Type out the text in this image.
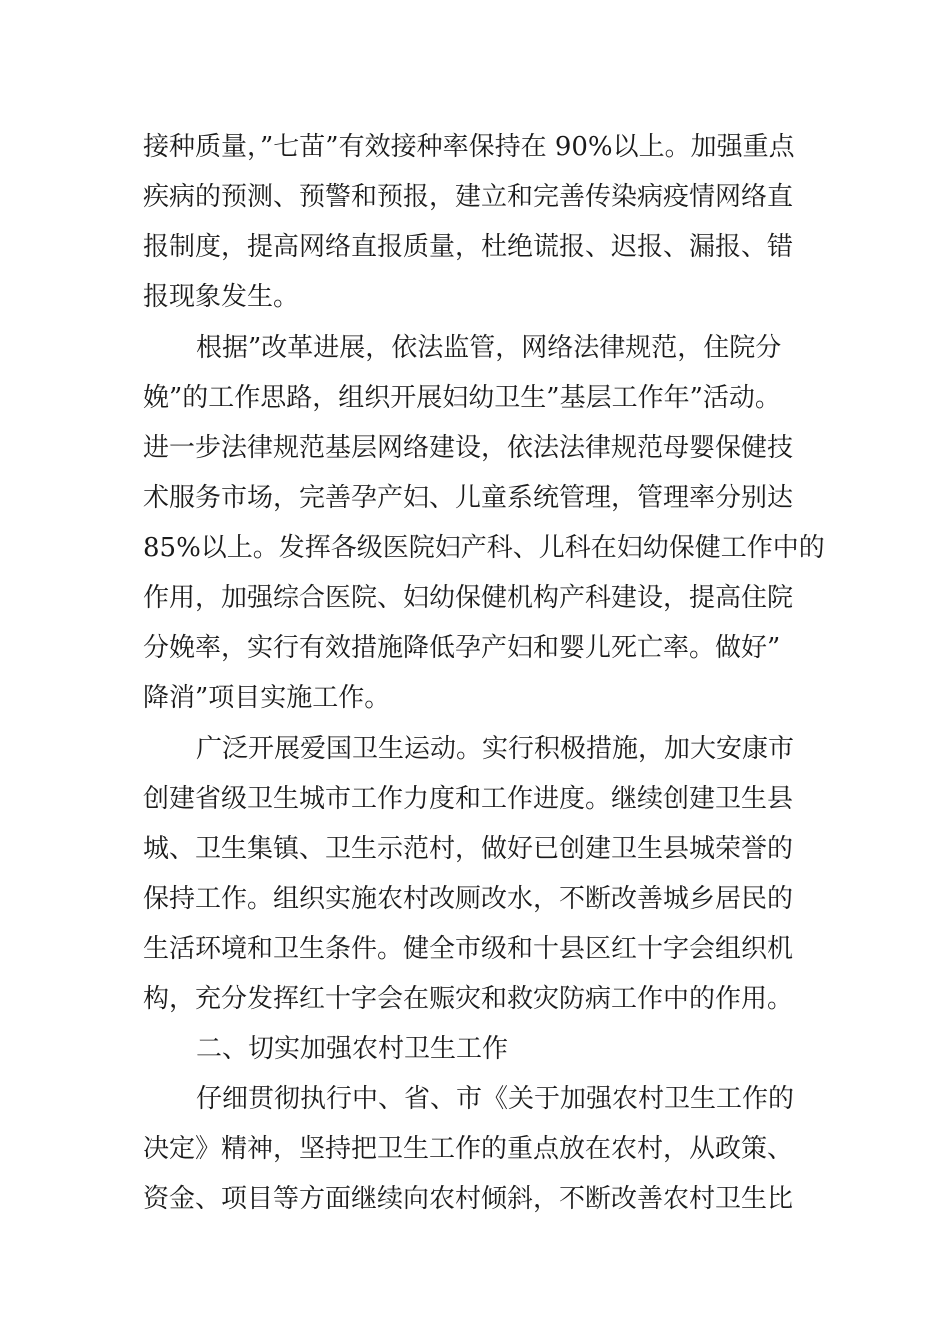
接种质量，”七苗”有效接种率保持在 90%以上。加强重点
疾病的预测、预警和预报，建立和完善传染病疫情网络直
报制度，提高网络直报质量，杜绝谎报、迟报、漏报、错
报现象发生。
根据”改革进展，依法监管，网络法律规范，住院分
娩”的工作思路，组织开展妇幼卫生”基层工作年”活动。
进一步法律规范基层网络建设，依法法律规范母婴保健技
术服务市场，完善孕产妇、儿童系统管理，管理率分别达
85%以上。发挥各级医院妇产科、儿科在妇幼保健工作中的
作用，加强综合医院、妇幼保健机构产科建设，提高住院
分娩率，实行有效措施降低孕产妇和婴儿死亡率。做好”
降消”项目实施工作。
广泛开展爱国卫生运动。实行积极措施，加大安康市
创建省级卫生城市工作力度和工作进度。继续创建卫生县
城、卫生集镇、卫生示范村，做好已创建卫生县城荣誉的
保持工作。组织实施农村改厕改水，不断改善城乡居民的
生活环境和卫生条件。健全市级和十县区红十字会组织机
构，充分发挥红十字会在赈灾和救灾防病工作中的作用。
二、切实加强农村卫生工作
仔细贯彻执行中、省、市《关于加强农村卫生工作的
决定》精神，坚持把卫生工作的重点放在农村，从政策、
资金、项目等方面继续向农村倾斜，不断改善农村卫生比
